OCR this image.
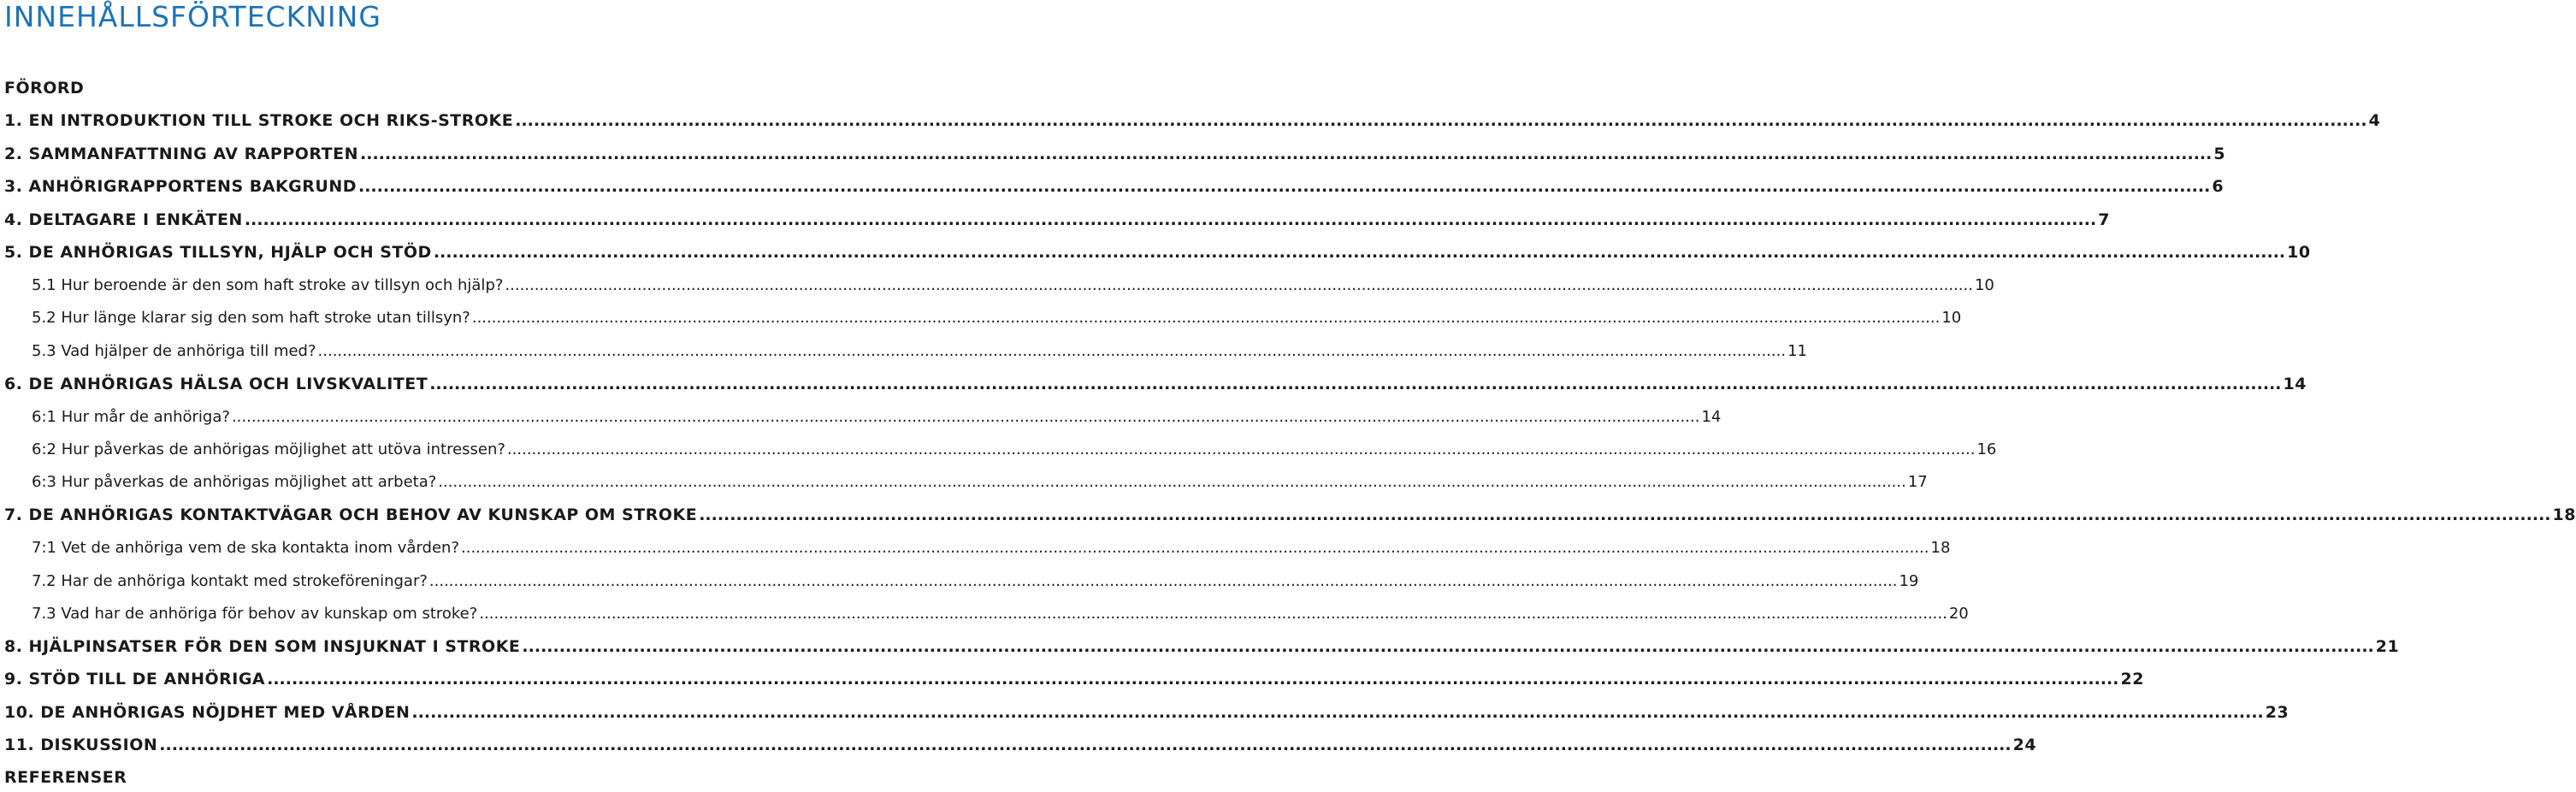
INNEHÅLLSFÖRTECKNING
FÖRORD
1. EN INTRODUKTION TILL STROKE OCH RIKS-STROKE ............................................................................................................................................................................................................................................................................................................ 4
2. SAMMANFATTNING AV RAPPORTEN ............................................................................................................................................................................................................................................................................................................ 5
3. ANHÖRIGRAPPORTENS BAKGRUND ............................................................................................................................................................................................................................................................................................................ 6
4. DELTAGARE I ENKÄTEN ............................................................................................................................................................................................................................................................................................................ 7
5. DE ANHÖRIGAS TILLSYN, HJÄLP OCH STÖD ............................................................................................................................................................................................................................................................................................................ 10
5.1 Hur beroende är den som haft stroke av tillsyn och hjälp? ............................................................................................................................................................................................................................................................................................................ 10
5.2 Hur länge klarar sig den som haft stroke utan tillsyn? ............................................................................................................................................................................................................................................................................................................ 10
5.3 Vad hjälper de anhöriga till med? ............................................................................................................................................................................................................................................................................................................ 11
6. DE ANHÖRIGAS HÄLSA OCH LIVSKVALITET ............................................................................................................................................................................................................................................................................................................ 14
6:1 Hur mår de anhöriga? ............................................................................................................................................................................................................................................................................................................ 14
6:2 Hur påverkas de anhörigas möjlighet att utöva intressen? ............................................................................................................................................................................................................................................................................................................ 16
6:3 Hur påverkas de anhörigas möjlighet att arbeta? ............................................................................................................................................................................................................................................................................................................ 17
7. DE ANHÖRIGAS KONTAKTVÄGAR OCH BEHOV AV KUNSKAP OM STROKE ............................................................................................................................................................................................................................................................................................................ 18
7:1 Vet de anhöriga vem de ska kontakta inom vården? ............................................................................................................................................................................................................................................................................................................ 18
7.2 Har de anhöriga kontakt med strokeföreningar? ............................................................................................................................................................................................................................................................................................................ 19
7.3 Vad har de anhöriga för behov av kunskap om stroke? ............................................................................................................................................................................................................................................................................................................ 20
8. HJÄLPINSATSER FÖR DEN SOM INSJUKNAT I STROKE ............................................................................................................................................................................................................................................................................................................ 21
9. STÖD TILL DE ANHÖRIGA ............................................................................................................................................................................................................................................................................................................ 22
10. DE ANHÖRIGAS NÖJDHET MED VÅRDEN ............................................................................................................................................................................................................................................................................................................ 23
11. DISKUSSION ............................................................................................................................................................................................................................................................................................................ 24
REFERENSER
